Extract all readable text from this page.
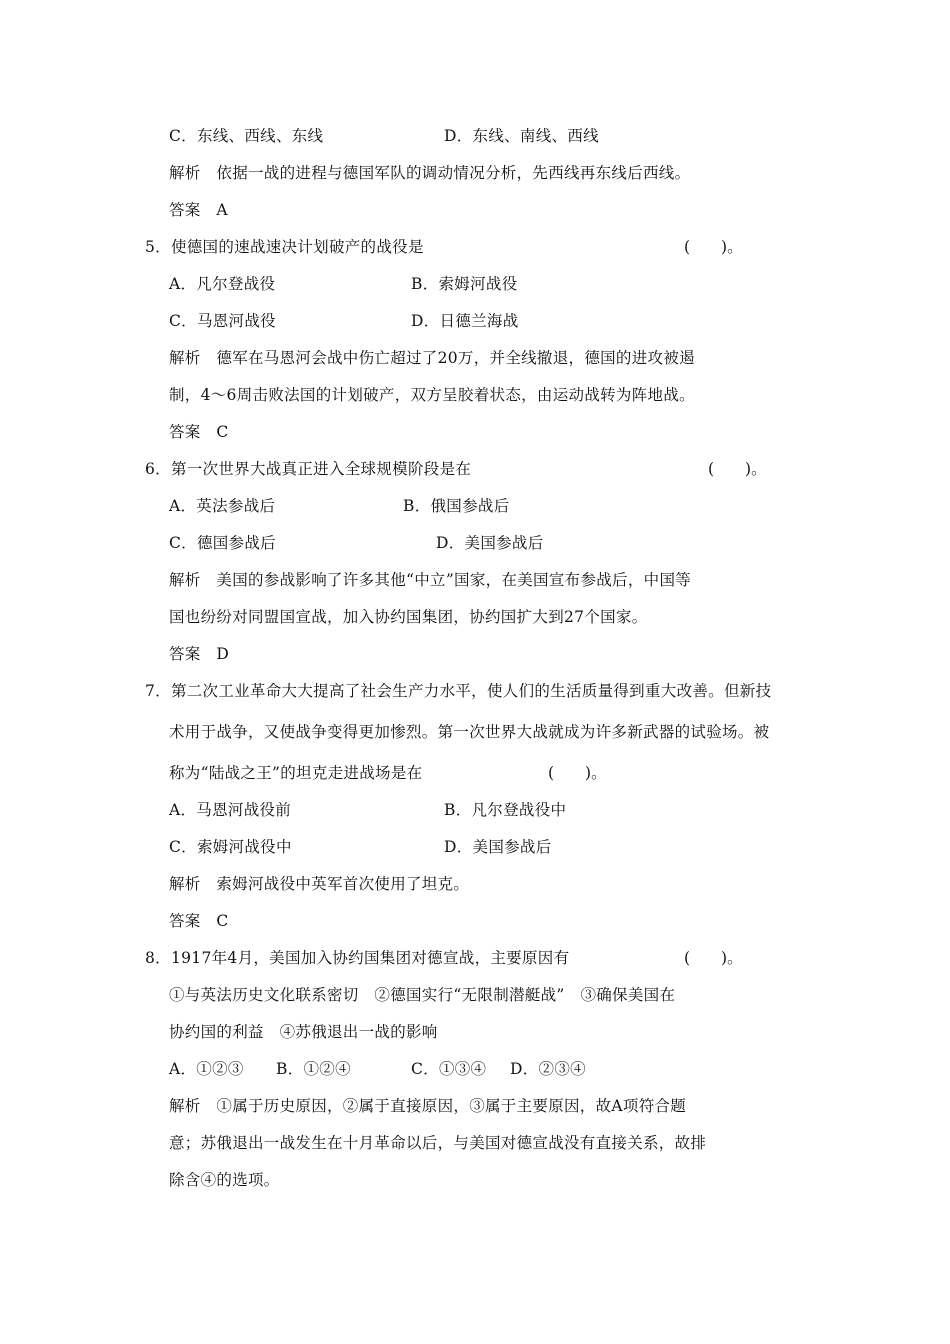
C．东线、西线、东线	D．东线、南线、西线
解析　依据一战的进程与德国军队的调动情况分析，先西线再东线后西线。
答案　A
5．使德国的速战速决计划破产的战役是	(　　)。
A．凡尔登战役	B．索姆河战役
C．马恩河战役	D．日德兰海战
解析　德军在马恩河会战中伤亡超过了20万，并全线撤退，德国的进攻被遏
制，4～6周击败法国的计划破产，双方呈胶着状态，由运动战转为阵地战。
答案　C
6．第一次世界大战真正进入全球规模阶段是在	(　　)。
A．英法参战后	B．俄国参战后
C．德国参战后	D．美国参战后
解析　美国的参战影响了许多其他“中立”国家，在美国宣布参战后，中国等
国也纷纷对同盟国宣战，加入协约国集团，协约国扩大到27个国家。
答案　D
7．第二次工业革命大大提高了社会生产力水平，使人们的生活质量得到重大改善。但新技
术用于战争，又使战争变得更加惨烈。第一次世界大战就成为许多新武器的试验场。被
称为“陆战之王”的坦克走进战场是在	(　　)。
A．马恩河战役前	B．凡尔登战役中
C．索姆河战役中	D．美国参战后
解析　索姆河战役中英军首次使用了坦克。
答案　C
8．1917年4月，美国加入协约国集团对德宣战，主要原因有	(　　)。
①与英法历史文化联系密切　②德国实行“无限制潜艇战”　③确保美国在
协约国的利益　④苏俄退出一战的影响
A．①②③ B．①②④	C．①③④ D．②③④
解析　①属于历史原因，②属于直接原因，③属于主要原因，故A项符合题
意；苏俄退出一战发生在十月革命以后，与美国对德宣战没有直接关系，故排
除含④的选项。
